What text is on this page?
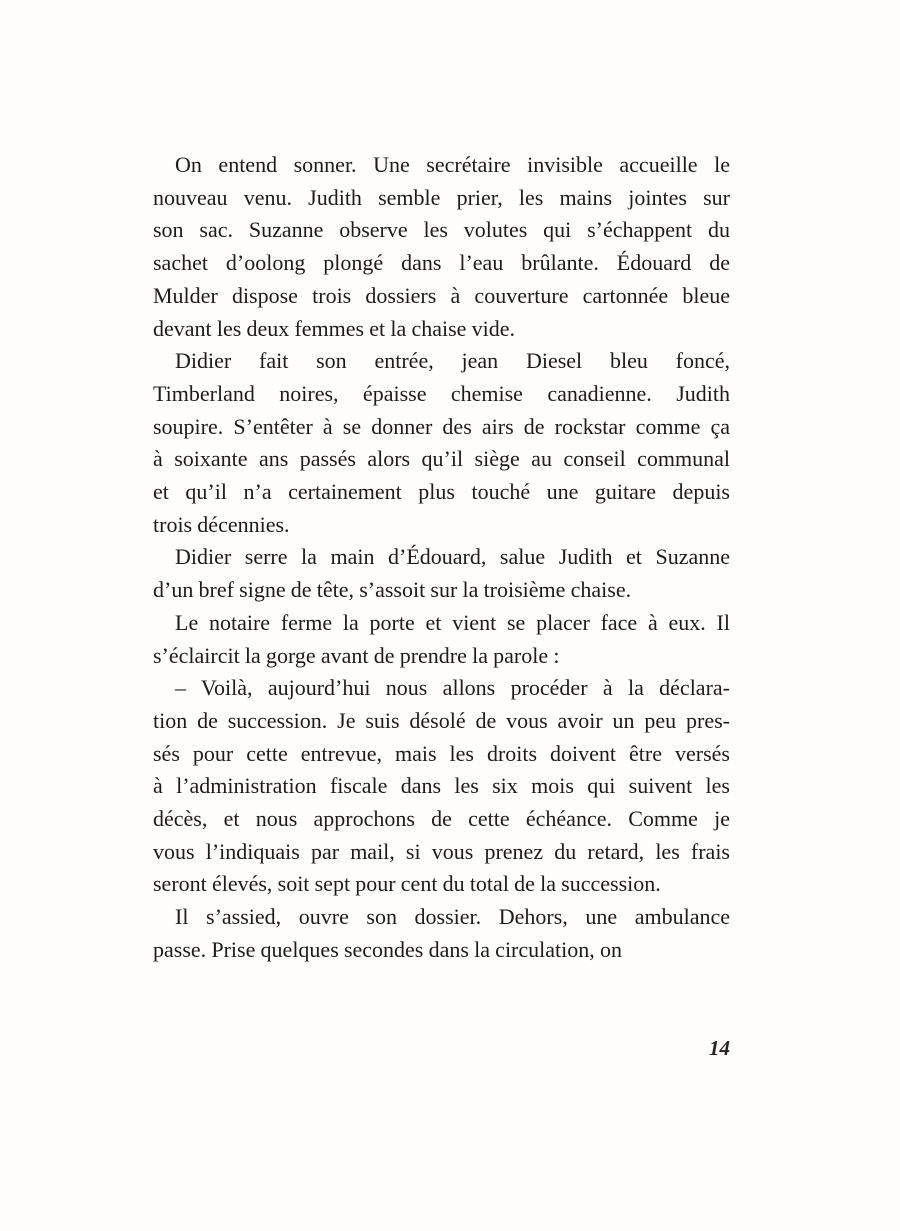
On entend sonner. Une secrétaire invisible accueille le
nouveau venu. Judith semble prier, les mains jointes sur
son sac. Suzanne observe les volutes qui s’échappent du
sachet d’oolong plongé dans l’eau brûlante. Édouard de
Mulder dispose trois dossiers à couverture cartonnée bleue
devant les deux femmes et la chaise vide.
Didier fait son entrée, jean Diesel bleu foncé,
Timberland noires, épaisse chemise canadienne. Judith
soupire. S’entêter à se donner des airs de rockstar comme ça
à soixante ans passés alors qu’il siège au conseil communal
et qu’il n’a certainement plus touché une guitare depuis
trois décennies.
Didier serre la main d’Édouard, salue Judith et Suzanne
d’un bref signe de tête, s’assoit sur la troisième chaise.
Le notaire ferme la porte et vient se placer face à eux. Il
s’éclaircit la gorge avant de prendre la parole :
– Voilà, aujourd’hui nous allons procéder à la déclara-
tion de succession. Je suis désolé de vous avoir un peu pres-
sés pour cette entrevue, mais les droits doivent être versés
à l’administration fiscale dans les six mois qui suivent les
décès, et nous approchons de cette échéance. Comme je
vous l’indiquais par mail, si vous prenez du retard, les frais
seront élevés, soit sept pour cent du total de la succession.
Il s’assied, ouvre son dossier. Dehors, une ambulance
passe. Prise quelques secondes dans la circulation, on
14
